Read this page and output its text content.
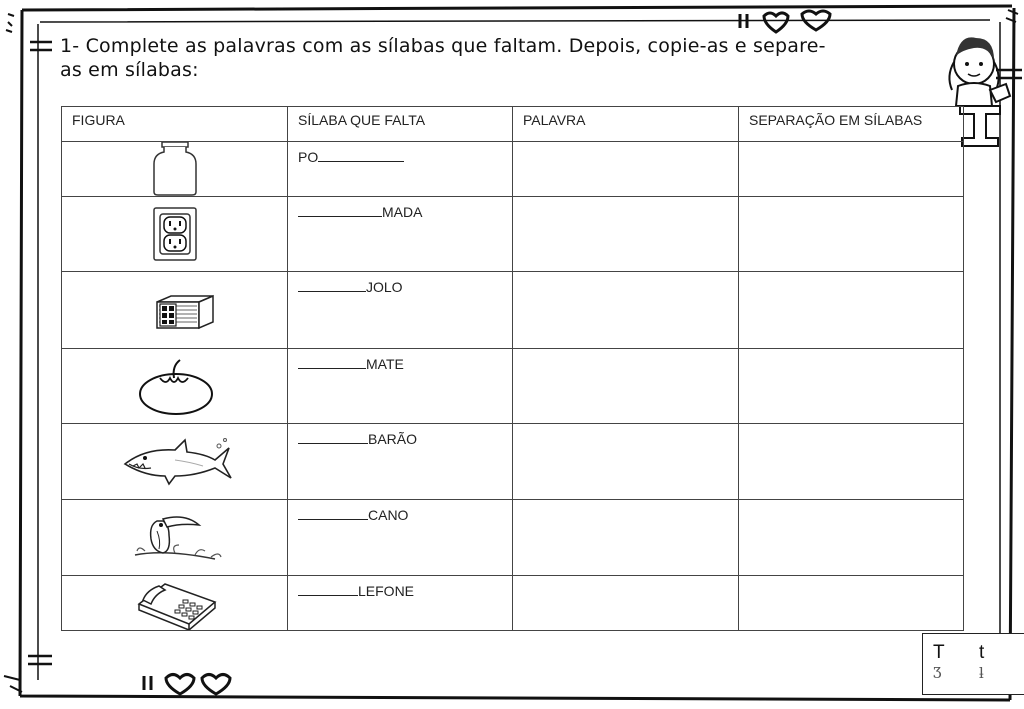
1- Complete as palavras com as sílabas que faltam. Depois, copie-as e separe-
as em sílabas:
FIGURA	SÍLABA QUE FALTA	PALAVRA	SEPARAÇÃO EM SÍLABAS

	PO		

	MADA		

	JOLO		

	MATE		

	BARÃO		

	CANO		

	LEFONE		
T t
Ʒ	ƚ
